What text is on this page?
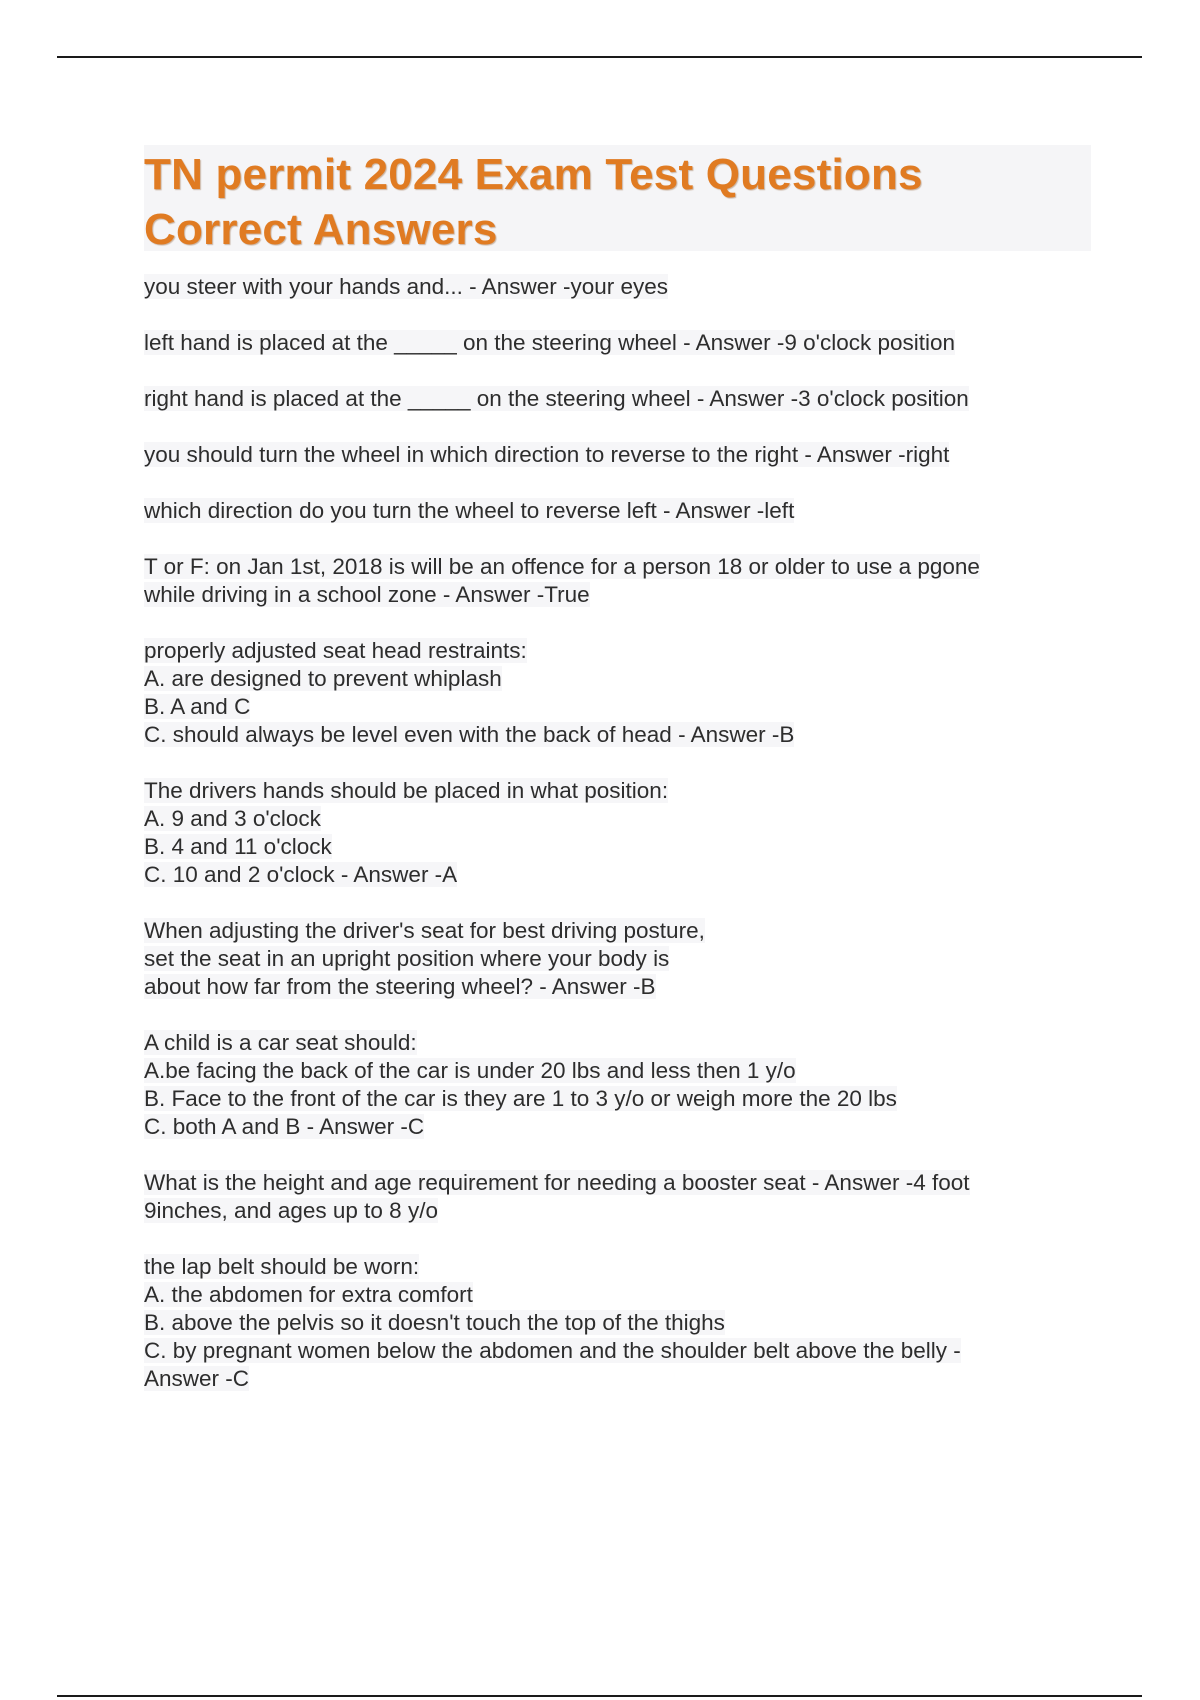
TN permit 2024 Exam Test Questions Correct Answers
you steer with your hands and... - Answer -your eyes
left hand is placed at the _____ on the steering wheel - Answer -9 o'clock position
right hand is placed at the _____ on the steering wheel - Answer -3 o'clock position
you should turn the wheel in which direction to reverse to the right - Answer -right
which direction do you turn the wheel to reverse left - Answer -left
T or F: on Jan 1st, 2018 is will be an offence for a person 18 or older to use a pgone
while driving in a school zone - Answer -True
properly adjusted seat head restraints:
A. are designed to prevent whiplash
B. A and C
C. should always be level even with the back of head - Answer -B
The drivers hands should be placed in what position:
A. 9 and 3 o'clock
B. 4 and 11 o'clock
C. 10 and 2 o'clock - Answer -A
When adjusting the driver's seat for best driving posture,
set the seat in an upright position where your body is
about how far from the steering wheel? - Answer -B
A child is a car seat should:
A.be facing the back of the car is under 20 lbs and less then 1 y/o
B. Face to the front of the car is they are 1 to 3 y/o or weigh more the 20 lbs
C. both A and B - Answer -C
What is the height and age requirement for needing a booster seat - Answer -4 foot
9inches, and ages up to 8 y/o
the lap belt should be worn:
A. the abdomen for extra comfort
B. above the pelvis so it doesn't touch the top of the thighs
C. by pregnant women below the abdomen and the shoulder belt above the belly -
Answer -C
